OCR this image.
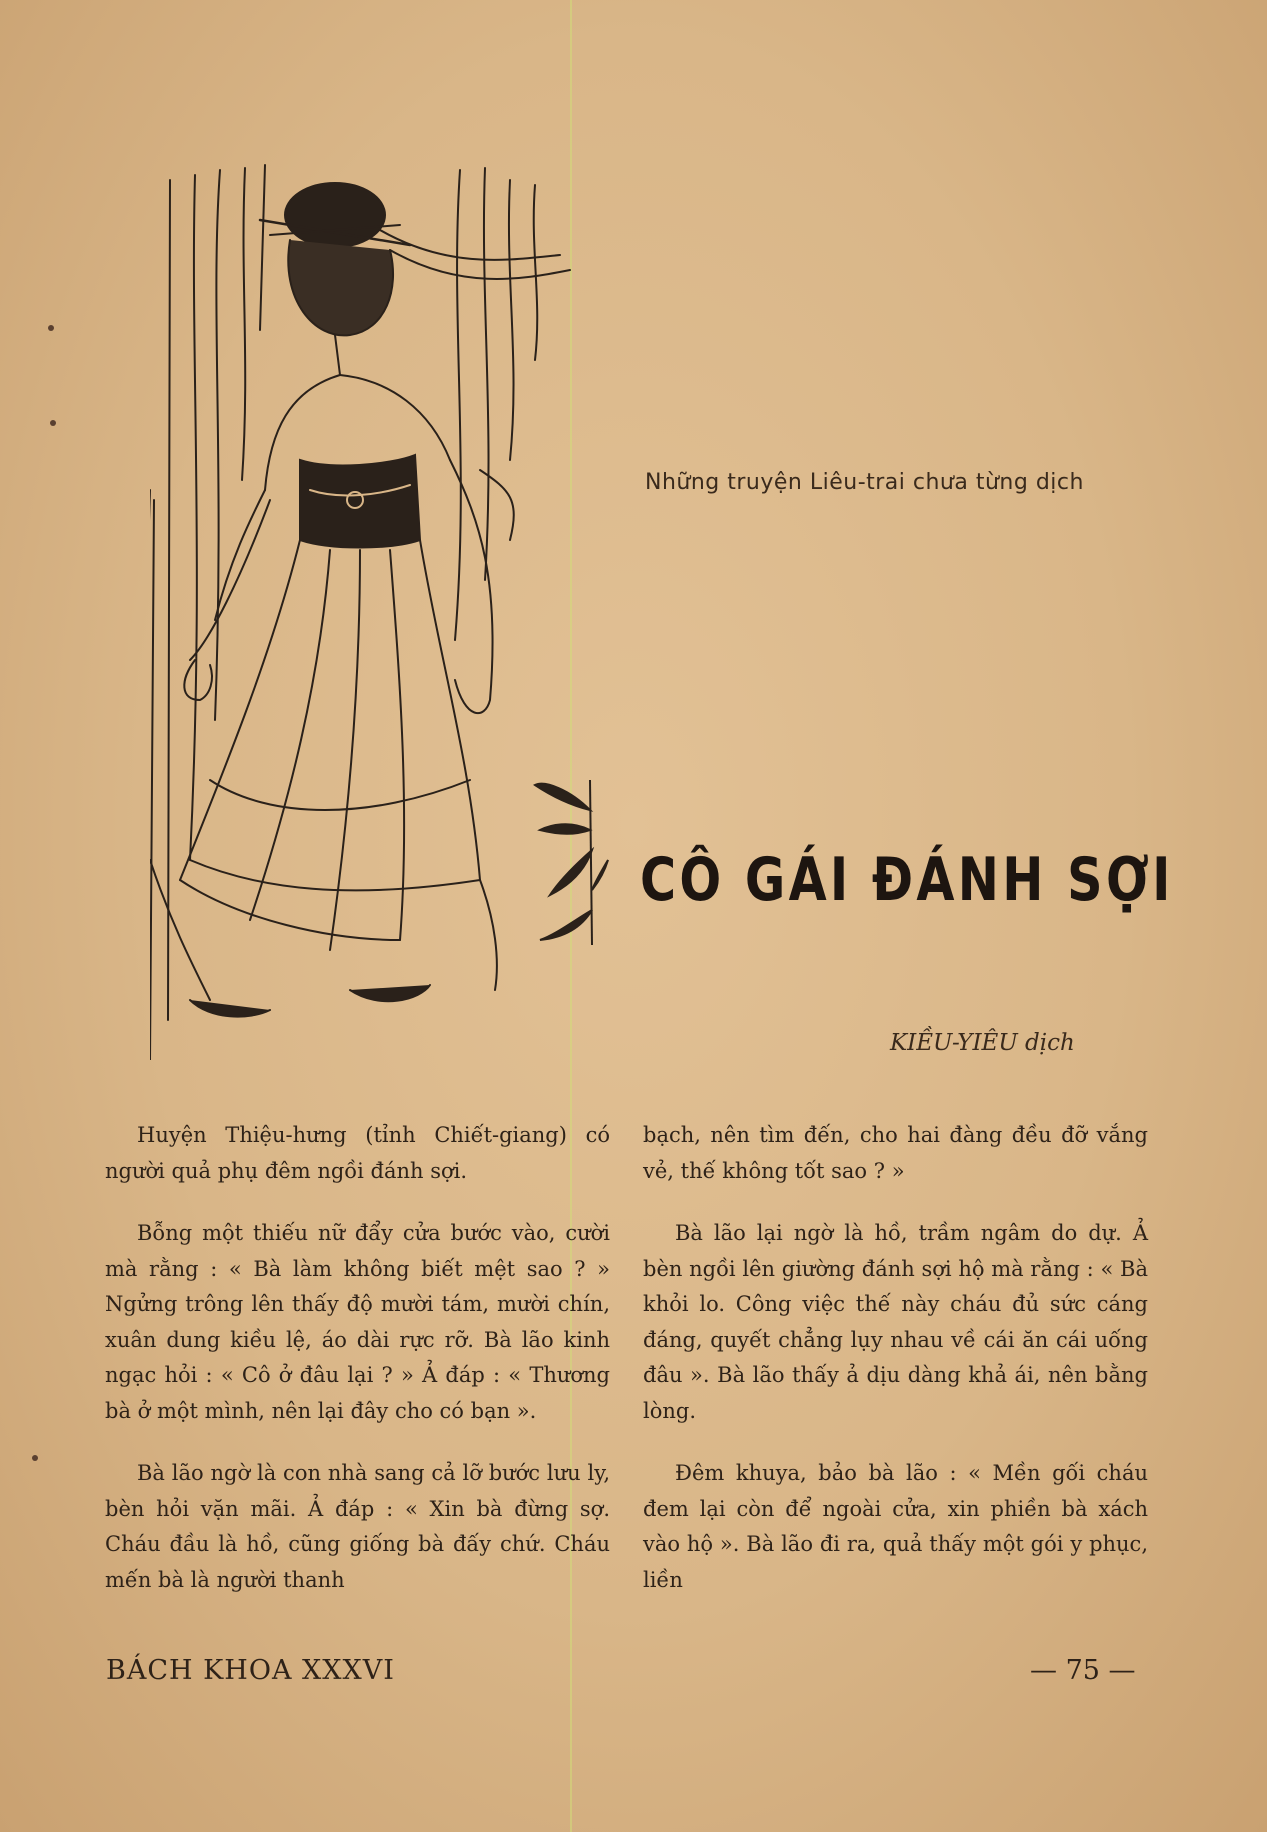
Những truyện Liêu-trai chưa từng dịch
CÔ GÁI ĐÁNH SỢI
KIỀU-YIÊU dịch

Huyện Thiệu-hưng (tỉnh Chiết-giang) có người quả phụ đêm ngồi đánh sợi.

Bỗng một thiếu nữ đẩy cửa bước vào, cười mà rằng : « Bà làm không biết mệt sao ? » Ngửng trông lên thấy độ mười tám, mười chín, xuân dung kiều lệ, áo dài rực rỡ. Bà lão kinh ngạc hỏi : « Cô ở đâu lại ? » Ả đáp : « Thương bà ở một mình, nên lại đây cho có bạn ».

Bà lão ngờ là con nhà sang cả lỡ bước lưu ly, bèn hỏi vặn mãi. Ả đáp : « Xin bà đừng sợ. Cháu đầu là hồ, cũng giống bà đấy chứ. Cháu mến bà là người thanh

bạch, nên tìm đến, cho hai đàng đều đỡ vắng vẻ, thế không tốt sao ? »

Bà lão lại ngờ là hồ, trầm ngâm do dự. Ả bèn ngồi lên giường đánh sợi hộ mà rằng : « Bà khỏi lo. Công việc thế này cháu đủ sức cáng đáng, quyết chẳng lụy nhau về cái ăn cái uống đâu ». Bà lão thấy ả dịu dàng khả ái, nên bằng lòng.

Đêm khuya, bảo bà lão : « Mền gối cháu đem lại còn để ngoài cửa, xin phiền bà xách vào hộ ». Bà lão đi ra, quả thấy một gói y phục, liền

BÁCH KHOA XXXVI	— 75 —
